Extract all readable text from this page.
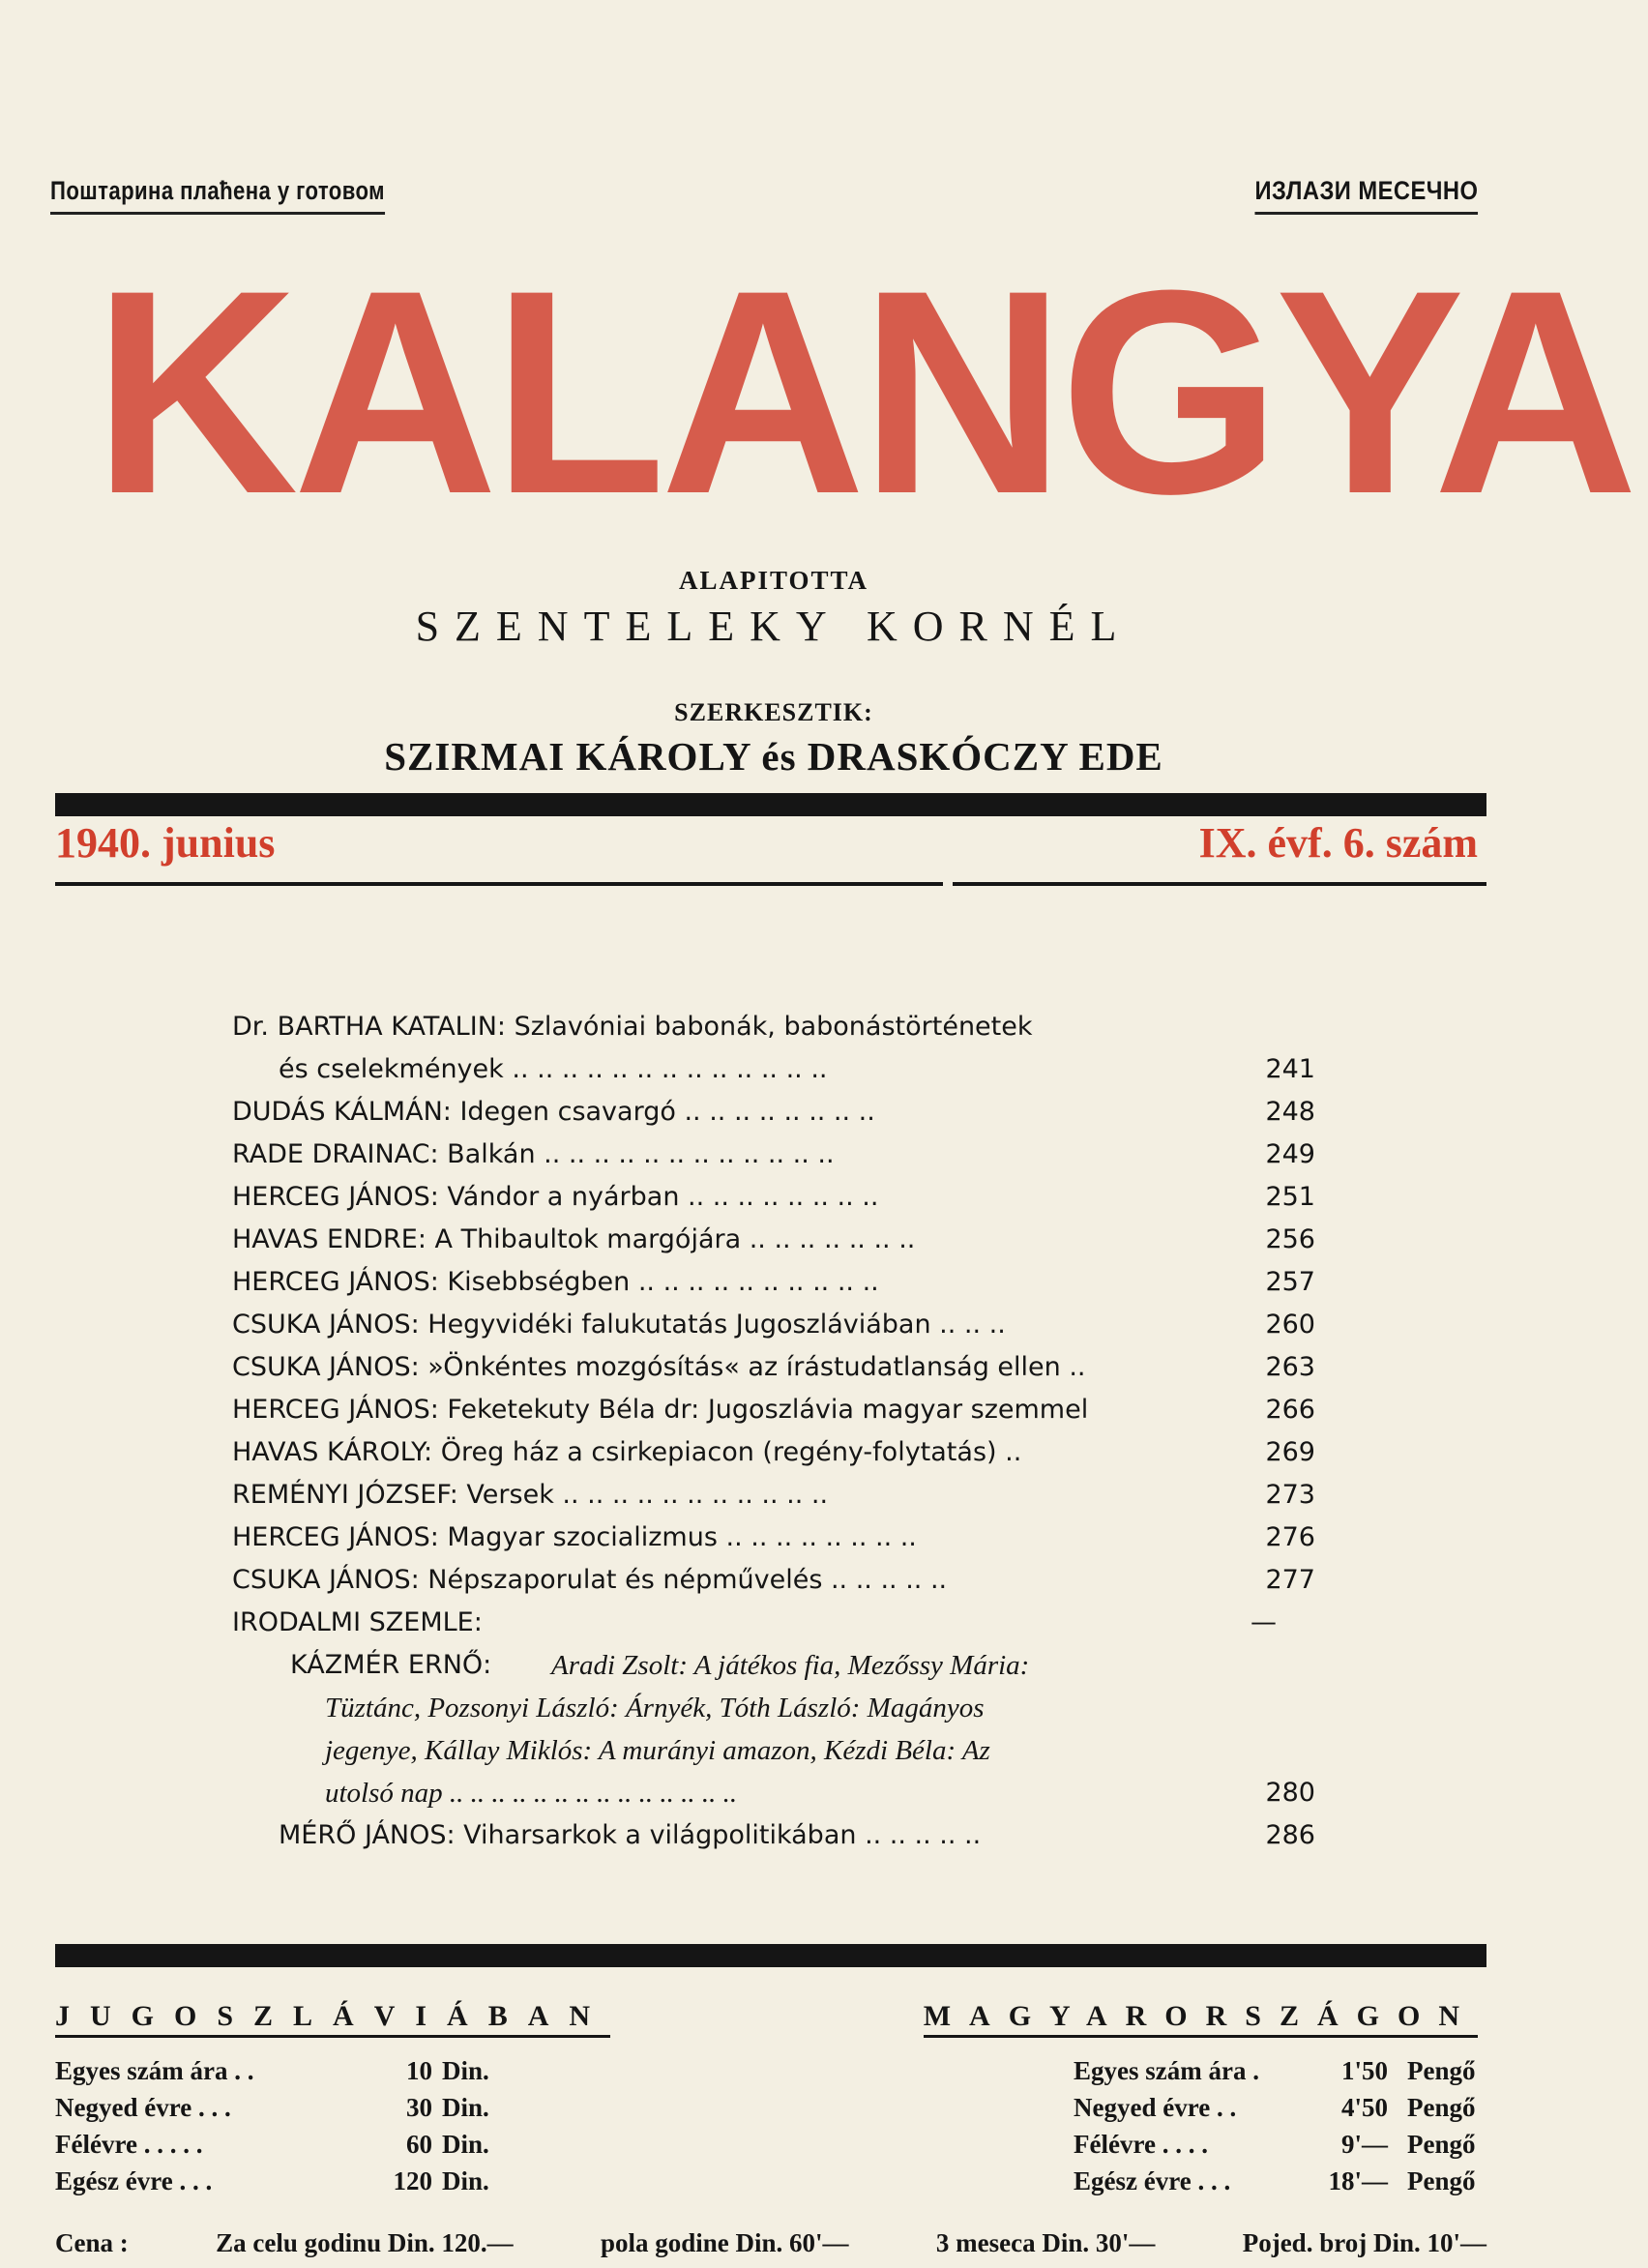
Поштарина плаћена у готовом	ИЗЛАЗИ МЕСЕЧНО
KALANGYA
ALAPITOTTA
SZENTELEKY KORNÉL
SZERKESZTIK:
SZIRMAI KÁROLY és DRASKÓCZY EDE
1940. junius	IX. évf. 6. szám
Dr. BARTHA KATALIN: Szlavóniai babonák, babonástörténetek
és cselekmények .. .. .. .. .. .. .. .. .. .. .. .. ..	241
DUDÁS KÁLMÁN: Idegen csavargó .. .. .. .. .. .. .. ..	248
RADE DRAINAC: Balkán .. .. .. .. .. .. .. .. .. .. .. ..	249
HERCEG JÁNOS: Vándor a nyárban .. .. .. .. .. .. .. ..	251
HAVAS ENDRE: A Thibaultok margójára .. .. .. .. .. .. ..	256
HERCEG JÁNOS: Kisebbségben .. .. .. .. .. .. .. .. .. ..	257
CSUKA JÁNOS: Hegyvidéki falukutatás Jugoszláviában .. .. ..	260
CSUKA JÁNOS: »Önkéntes mozgósítás« az írástudatlanság ellen ..	263
HERCEG JÁNOS: Feketekuty Béla dr: Jugoszlávia magyar szemmel	266
HAVAS KÁROLY: Öreg ház a csirkepiacon (regény-folytatás) ..	269
REMÉNYI JÓZSEF: Versek .. .. .. .. .. .. .. .. .. .. ..	273
HERCEG JÁNOS: Magyar szocializmus .. .. .. .. .. .. .. ..	276
CSUKA JÁNOS: Népszaporulat és népművelés .. .. .. .. ..	277
IRODALMI SZEMLE:	—
KÁZMÉR ERNŐ: Aradi Zsolt: A játékos fia, Mezőssy Mária:
Tüztánc, Pozsonyi László: Árnyék, Tóth László: Magányos
jegenye, Kállay Miklós: A murányi amazon, Kézdi Béla: Az
utolsó nap .. .. .. .. .. .. .. .. .. .. .. .. .. ..	280
MÉRŐ JÁNOS: Viharsarkok a világpolitikában .. .. .. .. ..	286
JUGOSZLÁVIÁBAN	MAGYARORSZÁGON
Egyes szám ára . .	10 Din.
Negyed évre . . .	30 Din.
Félévre . . . . .	60 Din.
Egész évre . . .	120 Din.
Egyes szám ára .	1'50 Pengő
Negyed évre . .	4'50 Pengő
Félévre . . . .	9'— Pengő
Egész évre . . .	18'— Pengő
Cena :	Za celu godinu Din. 120.—	pola godine Din. 60'—	3 meseca Din. 30'—	Pojed. broj Din. 10'—
